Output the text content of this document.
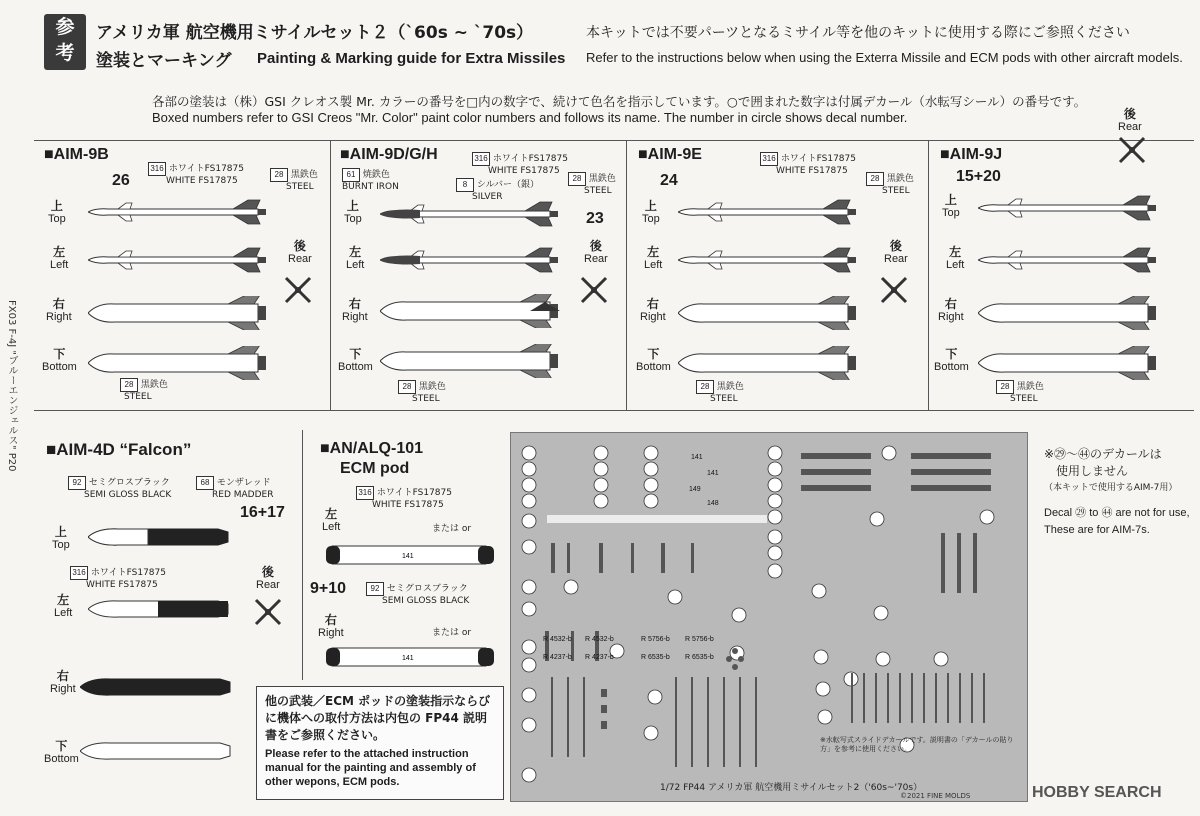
参
考
アメリカ軍 航空機用ミサイルセット２（`60s ~ `70s）
塗装とマーキング Painting & Marking guide for Extra Missiles
本キットでは不要パーツとなるミサイル等を他のキットに使用する際にご参照ください
Refer to the instructions below when using the Exterra Missile and ECM pods with other aircraft models.
各部の塗装は（株）GSI クレオス製 Mr. カラーの番号を□内の数字で、続けて色名を指示しています。○で囲まれた数字は付属デカール（水転写シール）の番号です。
Boxed numbers refer to GSI Creos "Mr. Color" paint color numbers and follows its name. The number in circle shows decal number.
■AIM-9B
26
316 ホワイトFS17875
WHITE FS17875
28 黒鉄色
STEEL
上
Top
左
Left
右
Right
下
Bottom
後
Rear
28 黒鉄色
STEEL
■AIM-9D/G/H
23
61 焼鉄色
BURNT IRON
316 ホワイトFS17875
WHITE FS17875
8 シルバー（銀）
SILVER
28 黒鉄色
STEEL
上
Top
左
Left
右
Right
下
Bottom
後
Rear
28 黒鉄色
STEEL
■AIM-9E
24
316 ホワイトFS17875
WHITE FS17875
28 黒鉄色
STEEL
上
Top
左
Left
右
Right
下
Bottom
後
Rear
28 黒鉄色
STEEL
■AIM-9J
15+20
後
Rear
上
Top
左
Left
右
Right
下
Bottom
28 黒鉄色
STEEL
■AIM-4D “Falcon”
16+17
92 セミグロスブラック
SEMI GLOSS BLACK
68 モンザレッド
RED MADDER
316 ホワイトFS17875
WHITE FS17875
上
Top
左
Left
後
Rear
右
Right
下
Bottom
■AN/ALQ-101
ECM pod
316 ホワイトFS17875
WHITE FS17875
左
Left
141
または or
9+10	92 セミグロスブラック
SEMI GLOSS BLACK
右
Right	または or
141
他の武装／ECM ポッドの塗装指示ならびに機体への取付方法は内包の FP44 説明書をご参照ください。
Please refer to the attached instruction manual for the painting and assembly of other wepons, ECM pods.
R 4532-b R 4532-b	R 5756-b R 5756-b
R 4237-b R 4237-b	R 6535-b R 6535-b
141
141
149
148
※水転写式スライドデカールです。説明書の「デカールの貼り方」を参考に使用ください。
1/72 FP44 アメリカ軍 航空機用ミサイルセット2（'60s~'70s）
©2021 FINE MOLDS
※㉙～㊹のデカールは
使用しません
（本キットで使用するAIM-7用）
Decal ㉙ to ㊹ are not for use,
These are for AIM-7s.
FX03 F-4J "ブルーエンジェルス" P20
HOBBY SEARCH
